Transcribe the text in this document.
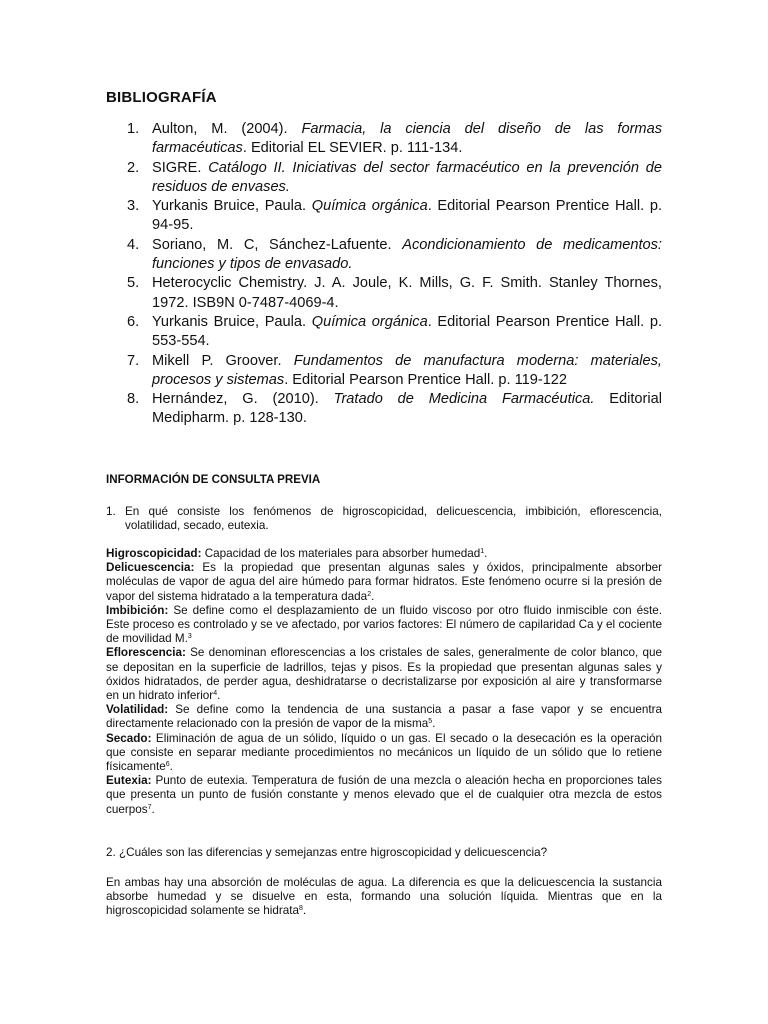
BIBLIOGRAFÍA
1. Aulton, M. (2004). Farmacia, la ciencia del diseño de las formas farmacéuticas. Editorial EL SEVIER. p. 111-134.
2. SIGRE. Catálogo II. Iniciativas del sector farmacéutico en la prevención de residuos de envases.
3. Yurkanis Bruice, Paula. Química orgánica. Editorial Pearson Prentice Hall. p. 94-95.
4. Soriano, M. C, Sánchez-Lafuente. Acondicionamiento de medicamentos: funciones y tipos de envasado.
5. Heterocyclic Chemistry. J. A. Joule, K. Mills, G. F. Smith. Stanley Thornes, 1972. ISB9N 0-7487-4069-4.
6. Yurkanis Bruice, Paula. Química orgánica. Editorial Pearson Prentice Hall. p. 553-554.
7. Mikell P. Groover. Fundamentos de manufactura moderna: materiales, procesos y sistemas. Editorial Pearson Prentice Hall. p. 119-122
8. Hernández, G. (2010). Tratado de Medicina Farmacéutica. Editorial Medipharm. p. 128-130.
INFORMACIÓN DE CONSULTA PREVIA
1. En qué consiste los fenómenos de higroscopicidad, delicuescencia, imbibición, eflorescencia, volatilidad, secado, eutexia.

Higroscopicidad: Capacidad de los materiales para absorber humedad$^1$.

Delicuescencia: Es la propiedad que presentan algunas sales y óxidos, principalmente absorber moléculas de vapor de agua del aire húmedo para formar hidratos. Este fenómeno ocurre si la presión de vapor del sistema hidratado a la temperatura dada$^2$.

Imbibición: Se define como el desplazamiento de un fluido viscoso por otro fluido inmiscible con éste. Este proceso es controlado y se ve afectado, por varios factores: El número de capilaridad Ca y el cociente de movilidad M.$^3$

Eflorescencia: Se denominan eflorescencias a los cristales de sales, generalmente de color blanco, que se depositan en la superficie de ladrillos, tejas y pisos. Es la propiedad que presentan algunas sales y óxidos hidratados, de perder agua, deshidratarse o decristalizarse por exposición al aire y transformarse en un hidrato inferior$^4$.

Volatilidad: Se define como la tendencia de una sustancia a pasar a fase vapor y se encuentra directamente relacionado con la presión de vapor de la misma$^5$.

Secado: Eliminación de agua de un sólido, líquido o un gas. El secado o la desecación es la operación que consiste en separar mediante procedimientos no mecánicos un líquido de un sólido que lo retiene físicamente$^6$.

Eutexia: Punto de eutexia. Temperatura de fusión de una mezcla o aleación hecha en proporciones tales que presenta un punto de fusión constante y menos elevado que el de cualquier otra mezcla de estos cuerpos$^7$.

2. ¿Cuáles son las diferencias y semejanzas entre higroscopicidad y delicuescencia?
En ambas hay una absorción de moléculas de agua. La diferencia es que la delicuescencia la sustancia absorbe humedad y se disuelve en esta, formando una solución líquida. Mientras que en la higroscopicidad solamente se hidrata$^8$.
